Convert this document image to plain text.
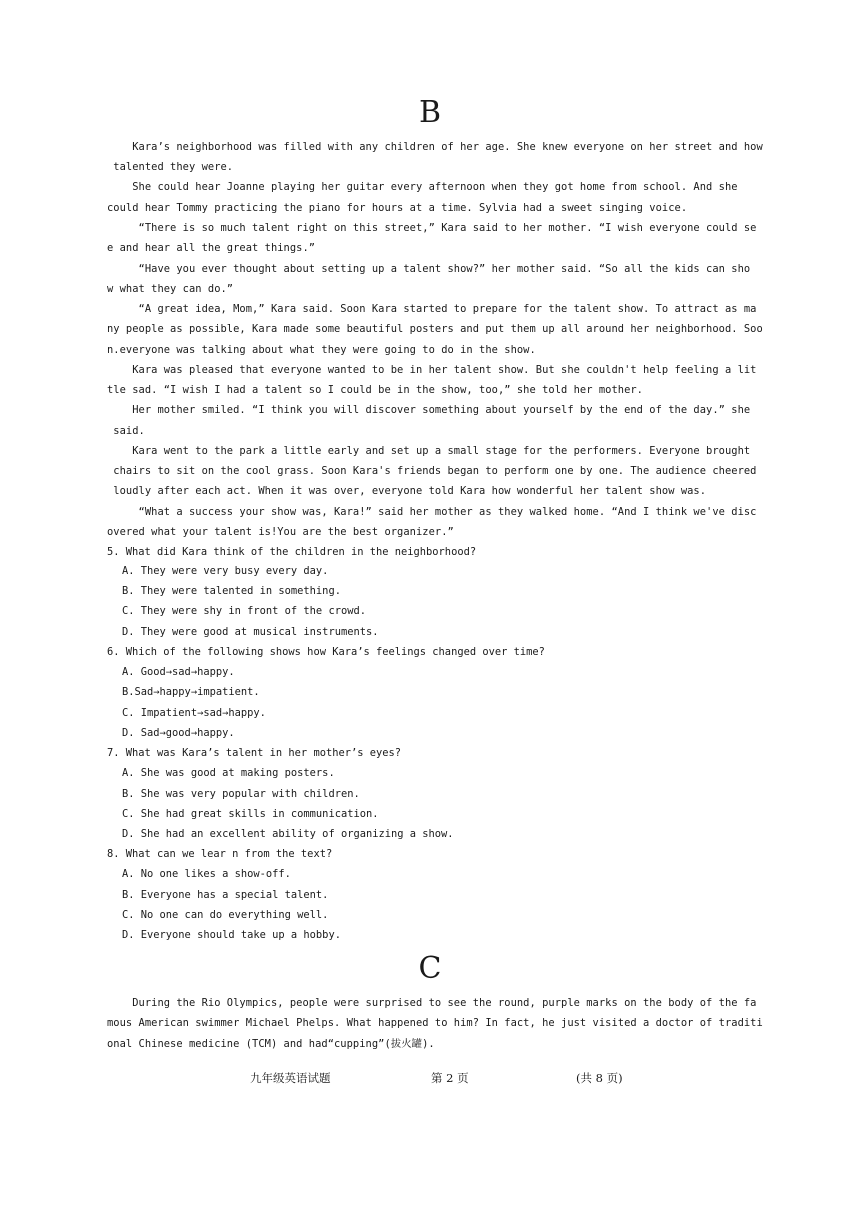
B
Kara’s neighborhood was filled with any children of her age. She knew everyone on her street and how
talented they were.
She could hear Joanne playing her guitar every afternoon when they got home from school. And she
could hear Tommy practicing the piano for hours at a time. Sylvia had a sweet singing voice.
“There is so much talent right on this street,” Kara said to her mother. “I wish everyone could se
e and hear all the great things.”
“Have you ever thought about setting up a talent show?” her mother said. “So all the kids can sho
w what they can do.”
“A great idea, Mom,” Kara said. Soon Kara started to prepare for the talent show. To attract as ma
ny people as possible, Kara made some beautiful posters and put them up all around her neighborhood. Soo
n.everyone was talking about what they were going to do in the show.
Kara was pleased that everyone wanted to be in her talent show. But she couldn't help feeling a lit
tle sad. “I wish I had a talent so I could be in the show, too,” she told her mother.
Her mother smiled. “I think you will discover something about yourself by the end of the day.” she
said.
Kara went to the park a little early and set up a small stage for the performers. Everyone brought
chairs to sit on the cool grass. Soon Kara's friends began to perform one by one. The audience cheered
loudly after each act. When it was over, everyone told Kara how wonderful her talent show was.
“What a success your show was, Kara!” said her mother as they walked home. “And I think we've disc
overed what your talent is!You are the best organizer.”
5. What did Kara think of the children in the neighborhood?
A. They were very busy every day.
B. They were talented in something.
C. They were shy in front of the crowd.
D. They were good at musical instruments.
6. Which of the following shows how Kara’s feelings changed over time?
A. Good→sad→happy.
B.Sad→happy→impatient.
C. Impatient→sad→happy.
D. Sad→good→happy.
7. What was Kara’s talent in her mother’s eyes?
A. She was good at making posters.
B. She was very popular with children.
C. She had great skills in communication.
D. She had an excellent ability of organizing a show.
8. What can we lear n from the text?
A. No one likes a show-off.
B. Everyone has a special talent.
C. No one can do everything well.
D. Everyone should take up a hobby.
C
During the Rio Olympics, people were surprised to see the round, purple marks on the body of the fa
mous American swimmer Michael Phelps. What happened to him? In fact, he just visited a doctor of traditi
onal Chinese medicine (TCM) and had“cupping”(拔火罐).
九年级英语试题	第 2 页	(共 8 页)
